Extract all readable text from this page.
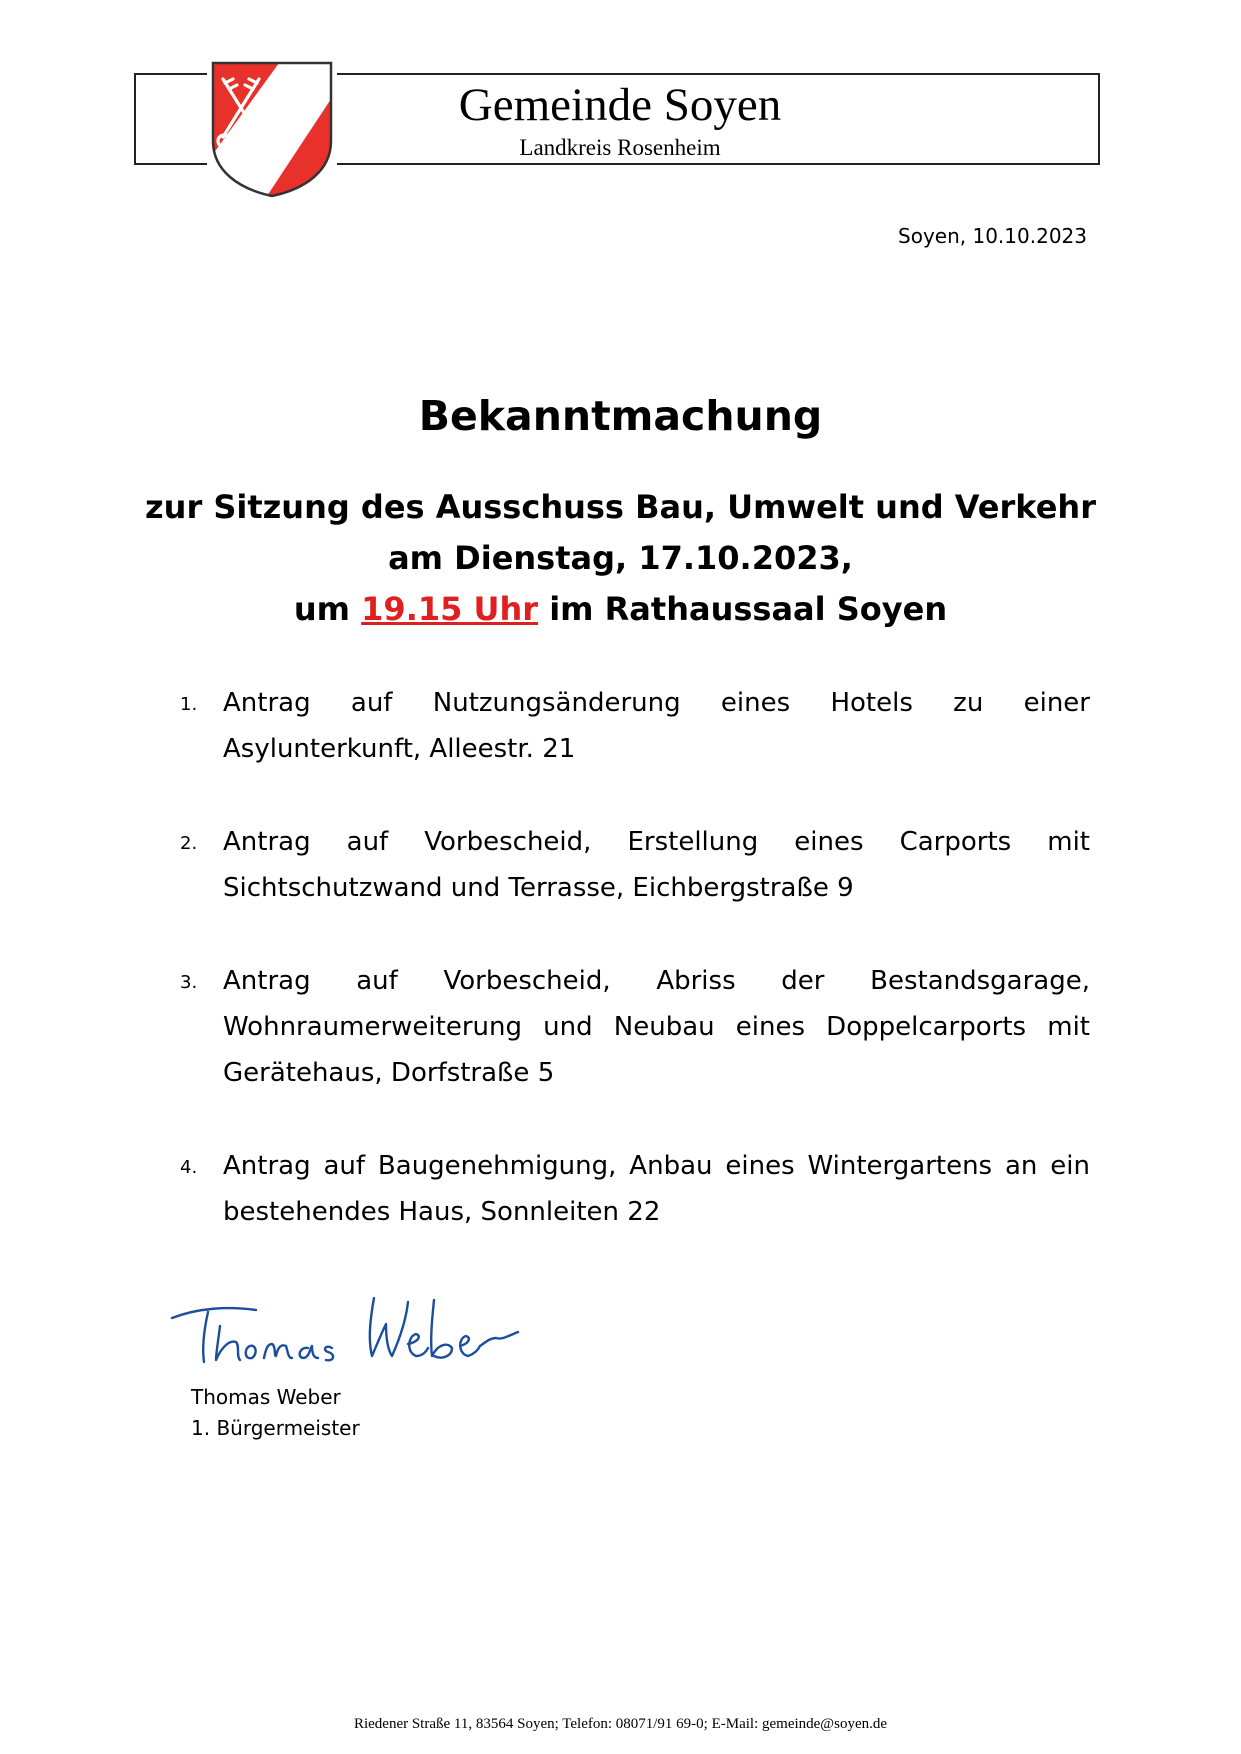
Gemeinde Soyen
Landkreis Rosenheim
Soyen, 10.10.2023
Bekanntmachung
zur Sitzung des Ausschuss Bau, Umwelt und Verkehr
am Dienstag, 17.10.2023,
um 19.15 Uhr im Rathaussaal Soyen
1. Antrag auf Nutzungsänderung eines Hotels zu einer Asylunterkunft, Alleestr. 21
2. Antrag auf Vorbescheid, Erstellung eines Carports mit Sichtschutzwand und Terrasse, Eichbergstraße 9
3. Antrag auf Vorbescheid, Abriss der Bestandsgarage, Wohnraumerweiterung und Neubau eines Doppelcarports mit Gerätehaus, Dorfstraße 5
4. Antrag auf Baugenehmigung, Anbau eines Wintergartens an ein bestehendes Haus, Sonnleiten 22
Thomas Weber
1. Bürgermeister
Riedener Straße 11, 83564 Soyen; Telefon: 08071/91 69-0; E-Mail: gemeinde@soyen.de
